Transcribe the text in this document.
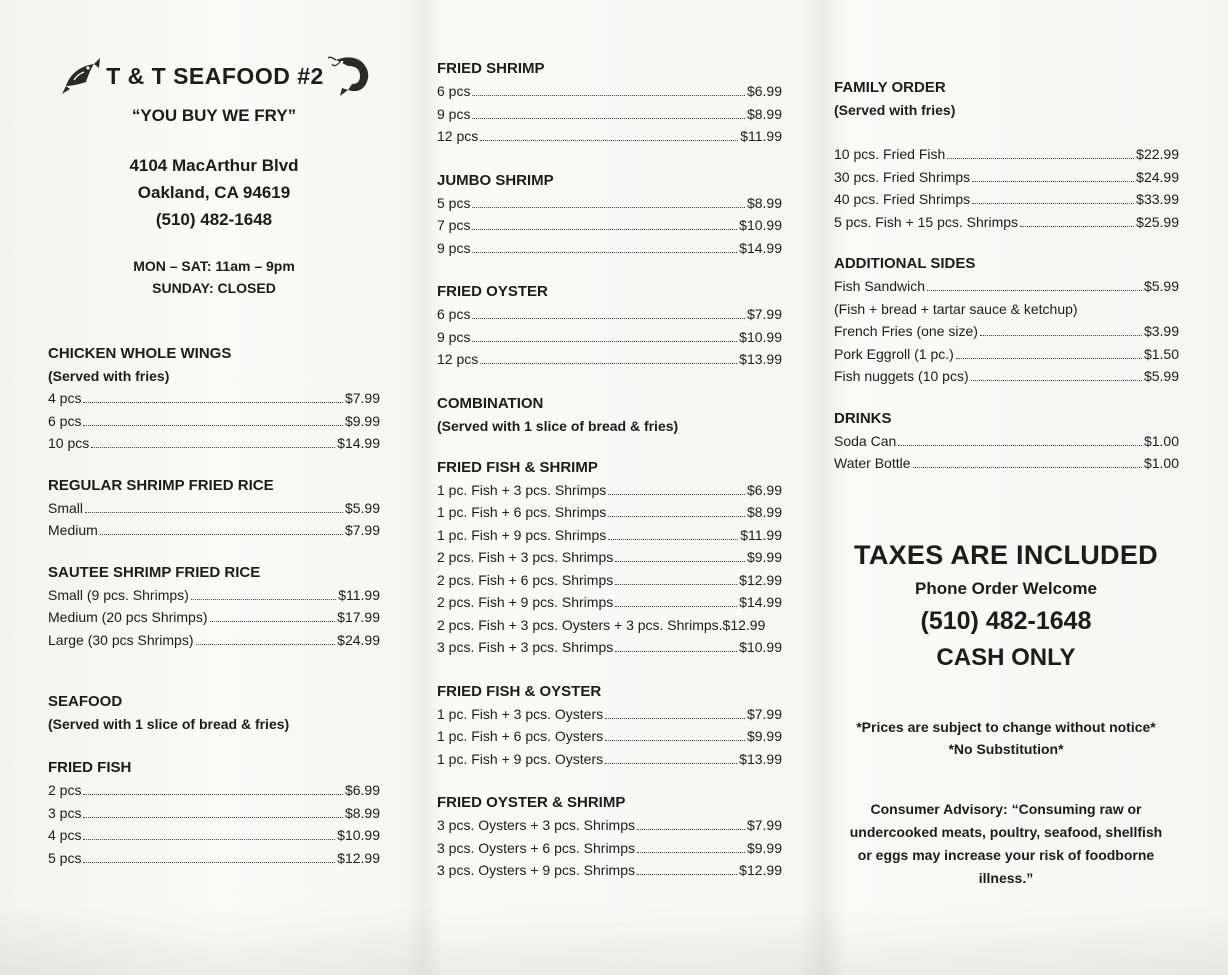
T & T SEAFOOD #2
“YOU BUY WE FRY”
4104 MacArthur Blvd
Oakland, CA 94619
(510) 482-1648
MON – SAT: 11am – 9pm
SUNDAY: CLOSED
CHICKEN WHOLE WINGS
(Served with fries)
4 pcs	$7.99
6 pcs	$9.99
10 pcs	$14.99
REGULAR SHRIMP FRIED RICE
Small	$5.99
Medium	$7.99
SAUTEE SHRIMP FRIED RICE
Small (9 pcs. Shrimps)	$11.99
Medium (20 pcs Shrimps)	$17.99
Large (30 pcs Shrimps)	$24.99
SEAFOOD
(Served with 1 slice of bread & fries)
FRIED FISH
2 pcs	$6.99
3 pcs	$8.99
4 pcs	$10.99
5 pcs	$12.99
FRIED SHRIMP
6 pcs	$6.99
9 pcs	$8.99
12 pcs	$11.99
JUMBO SHRIMP
5 pcs	$8.99
7 pcs	$10.99
9 pcs	$14.99
FRIED OYSTER
6 pcs	$7.99
9 pcs	$10.99
12 pcs	$13.99
COMBINATION
(Served with 1 slice of bread & fries)
FRIED FISH & SHRIMP
1 pc. Fish + 3 pcs. Shrimps	$6.99
1 pc. Fish + 6 pcs. Shrimps	$8.99
1 pc. Fish + 9 pcs. Shrimps	$11.99
2 pcs. Fish + 3 pcs. Shrimps	$9.99
2 pcs. Fish + 6 pcs. Shrimps	$12.99
2 pcs. Fish + 9 pcs. Shrimps	$14.99
2 pcs. Fish + 3 pcs. Oysters + 3 pcs. Shrimps. $12.99
3 pcs. Fish + 3 pcs. Shrimps	$10.99
FRIED FISH & OYSTER
1 pc. Fish + 3 pcs. Oysters	$7.99
1 pc. Fish + 6 pcs. Oysters	$9.99
1 pc. Fish + 9 pcs. Oysters	$13.99
FRIED OYSTER & SHRIMP
3 pcs. Oysters + 3 pcs. Shrimps	$7.99
3 pcs. Oysters + 6 pcs. Shrimps	$9.99
3 pcs. Oysters + 9 pcs. Shrimps	$12.99
FAMILY ORDER
(Served with fries)
10 pcs. Fried Fish	$22.99
30 pcs. Fried Shrimps	$24.99
40 pcs. Fried Shrimps	$33.99
5 pcs. Fish + 15 pcs. Shrimps	$25.99
ADDITIONAL SIDES
Fish Sandwich	$5.99
(Fish + bread + tartar sauce & ketchup)
French Fries (one size)	$3.99
Pork Eggroll (1 pc.)	$1.50
Fish nuggets (10 pcs)	$5.99
DRINKS
Soda Can	$1.00
Water Bottle	$1.00
TAXES ARE INCLUDED
Phone Order Welcome
(510) 482-1648
CASH ONLY
*Prices are subject to change without notice*
*No Substitution*
Consumer Advisory: “Consuming raw or
undercooked meats, poultry, seafood, shellfish
or eggs may increase your risk of foodborne
illness.”
